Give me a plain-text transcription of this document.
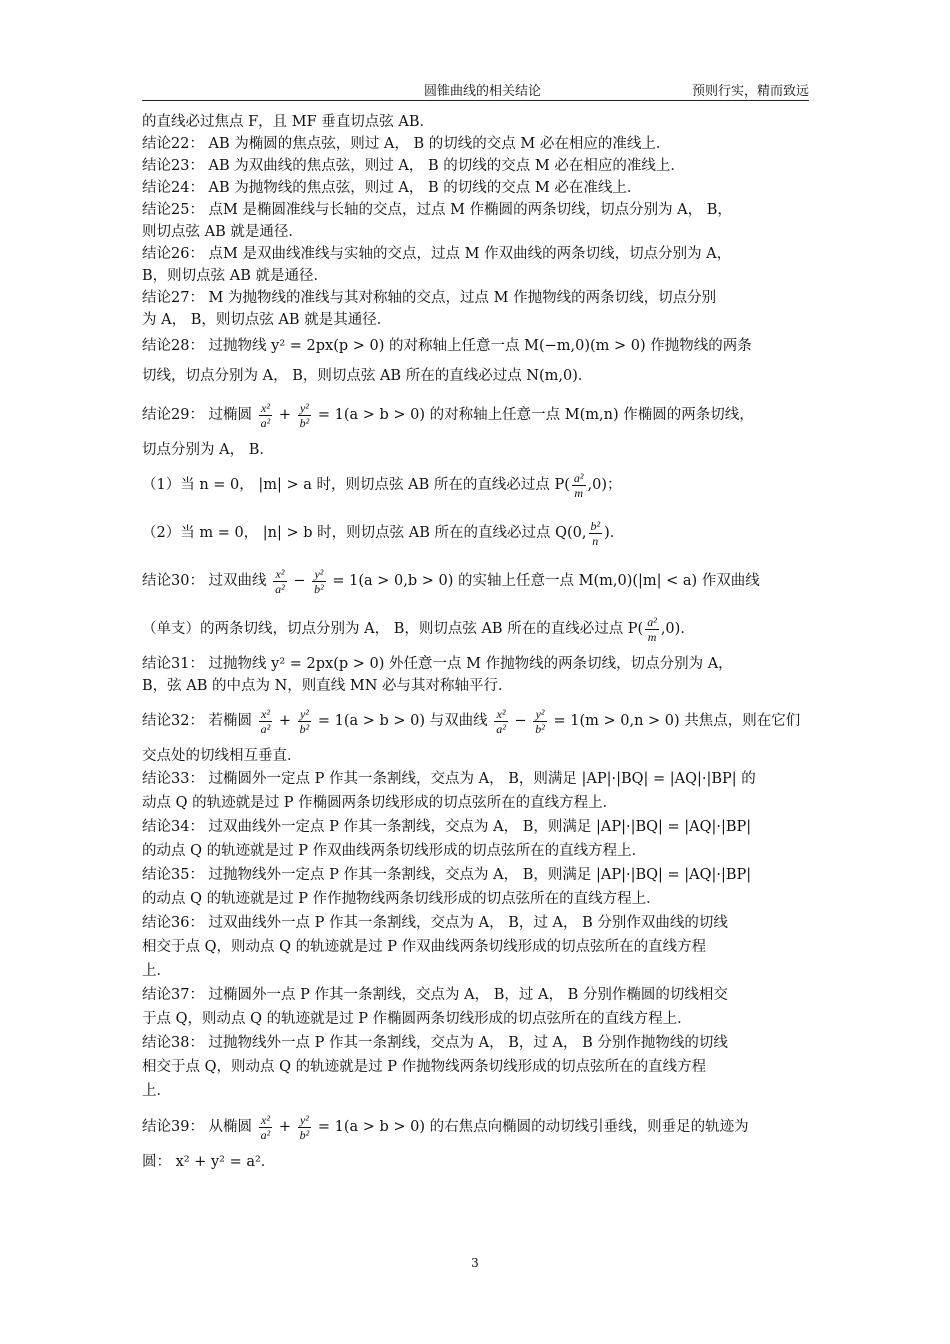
圆锥曲线的相关结论	预则行实，精而致远
的直线必过焦点 F，且 MF 垂直切点弦 AB．
结论22： AB 为椭圆的焦点弦，则过 A， B 的切线的交点 M 必在相应的准线上．
结论23： AB 为双曲线的焦点弦，则过 A， B 的切线的交点 M 必在相应的准线上．
结论24： AB 为抛物线的焦点弦，则过 A， B 的切线的交点 M 必在准线上．
结论25： 点M 是椭圆准线与长轴的交点，过点 M 作椭圆的两条切线，切点分别为 A， B，
则切点弦 AB 就是通径．
结论26： 点M 是双曲线准线与实轴的交点，过点 M 作双曲线的两条切线，切点分别为 A，
B，则切点弦 AB 就是通径．
结论27： M 为抛物线的准线与其对称轴的交点，过点 M 作抛物线的两条切线，切点分别
为 A， B，则切点弦 AB 就是其通径．
结论28： 过抛物线 y² = 2px(p > 0) 的对称轴上任意一点 M(−m,0)(m > 0) 作抛物线的两条
切线，切点分别为 A， B，则切点弦 AB 所在的直线必过点 N(m,0)．
结论29： 过椭圆 $\frac{\text{x²}}{\text{a²}} + \frac{\text{y²}}{\text{b²}} = 1(a > b > 0)$ 的对称轴上任意一点 M(m,n) 作椭圆的两条切线，
切点分别为 A， B．
（1）当 n = 0， |m| > a 时，则切点弦 AB 所在的直线必过点 $P( \frac{\text{a²}}{m} ,0)$；
（2）当 m = 0， |n| > b 时，则切点弦 AB 所在的直线必过点 Q(0, $\frac{\text{b²}}{n}$ )．
结论30： 过双曲线 $\frac{\text{x²}}{\text{a²}} - \frac{\text{y²}}{\text{b²}} = 1(a > 0,b > 0)$ 的实轴上任意一点 M(m,0)(|m| < a) 作双曲线
（单支）的两条切线，切点分别为 A， B，则切点弦 AB 所在的直线必过点 $P( \frac{\text{a²}}{m} ,0)$．
结论31： 过抛物线 y² = 2px(p > 0) 外任意一点 M 作抛物线的两条切线，切点分别为 A，
B，弦 AB 的中点为 N，则直线 MN 必与其对称轴平行．
结论32： 若椭圆 $\frac{\text{x²}}{\text{a²}} + \frac{\text{y²}}{\text{b²}} = 1(a > b > 0)$ 与双曲线 $\frac{\text{x²}}{\text{a²}} - \frac{\text{y²}}{\text{b²}} = 1(m > 0,n > 0)$ 共焦点，则在它们
交点处的切线相互垂直．
结论33： 过椭圆外一定点 P 作其一条割线，交点为 A， B，则满足 |AP|·|BQ| = |AQ|·|BP| 的
动点 Q 的轨迹就是过 P 作椭圆两条切线形成的切点弦所在的直线方程上．
结论34： 过双曲线外一定点 P 作其一条割线，交点为 A， B，则满足 |AP|·|BQ| = |AQ|·|BP|
的动点 Q 的轨迹就是过 P 作双曲线两条切线形成的切点弦所在的直线方程上．
结论35： 过抛物线外一定点 P 作其一条割线，交点为 A， B，则满足 |AP|·|BQ| = |AQ|·|BP|
的动点 Q 的轨迹就是过 P 作作抛物线两条切线形成的切点弦所在的直线方程上．
结论36： 过双曲线外一点 P 作其一条割线，交点为 A， B，过 A， B 分别作双曲线的切线
相交于点 Q，则动点 Q 的轨迹就是过 P 作双曲线两条切线形成的切点弦所在的直线方程
上．
结论37： 过椭圆外一点 P 作其一条割线，交点为 A， B，过 A， B 分别作椭圆的切线相交
于点 Q，则动点 Q 的轨迹就是过 P 作椭圆两条切线形成的切点弦所在的直线方程上．
结论38： 过抛物线外一点 P 作其一条割线，交点为 A， B，过 A， B 分别作抛物线的切线
相交于点 Q，则动点 Q 的轨迹就是过 P 作抛物线两条切线形成的切点弦所在的直线方程
上．
结论39： 从椭圆 $\frac{\text{x²}}{\text{a²}} + \frac{\text{y²}}{\text{b²}} = 1(a > b > 0)$ 的右焦点向椭圆的动切线引垂线，则垂足的轨迹为
圆： x² + y² = a²．
3
